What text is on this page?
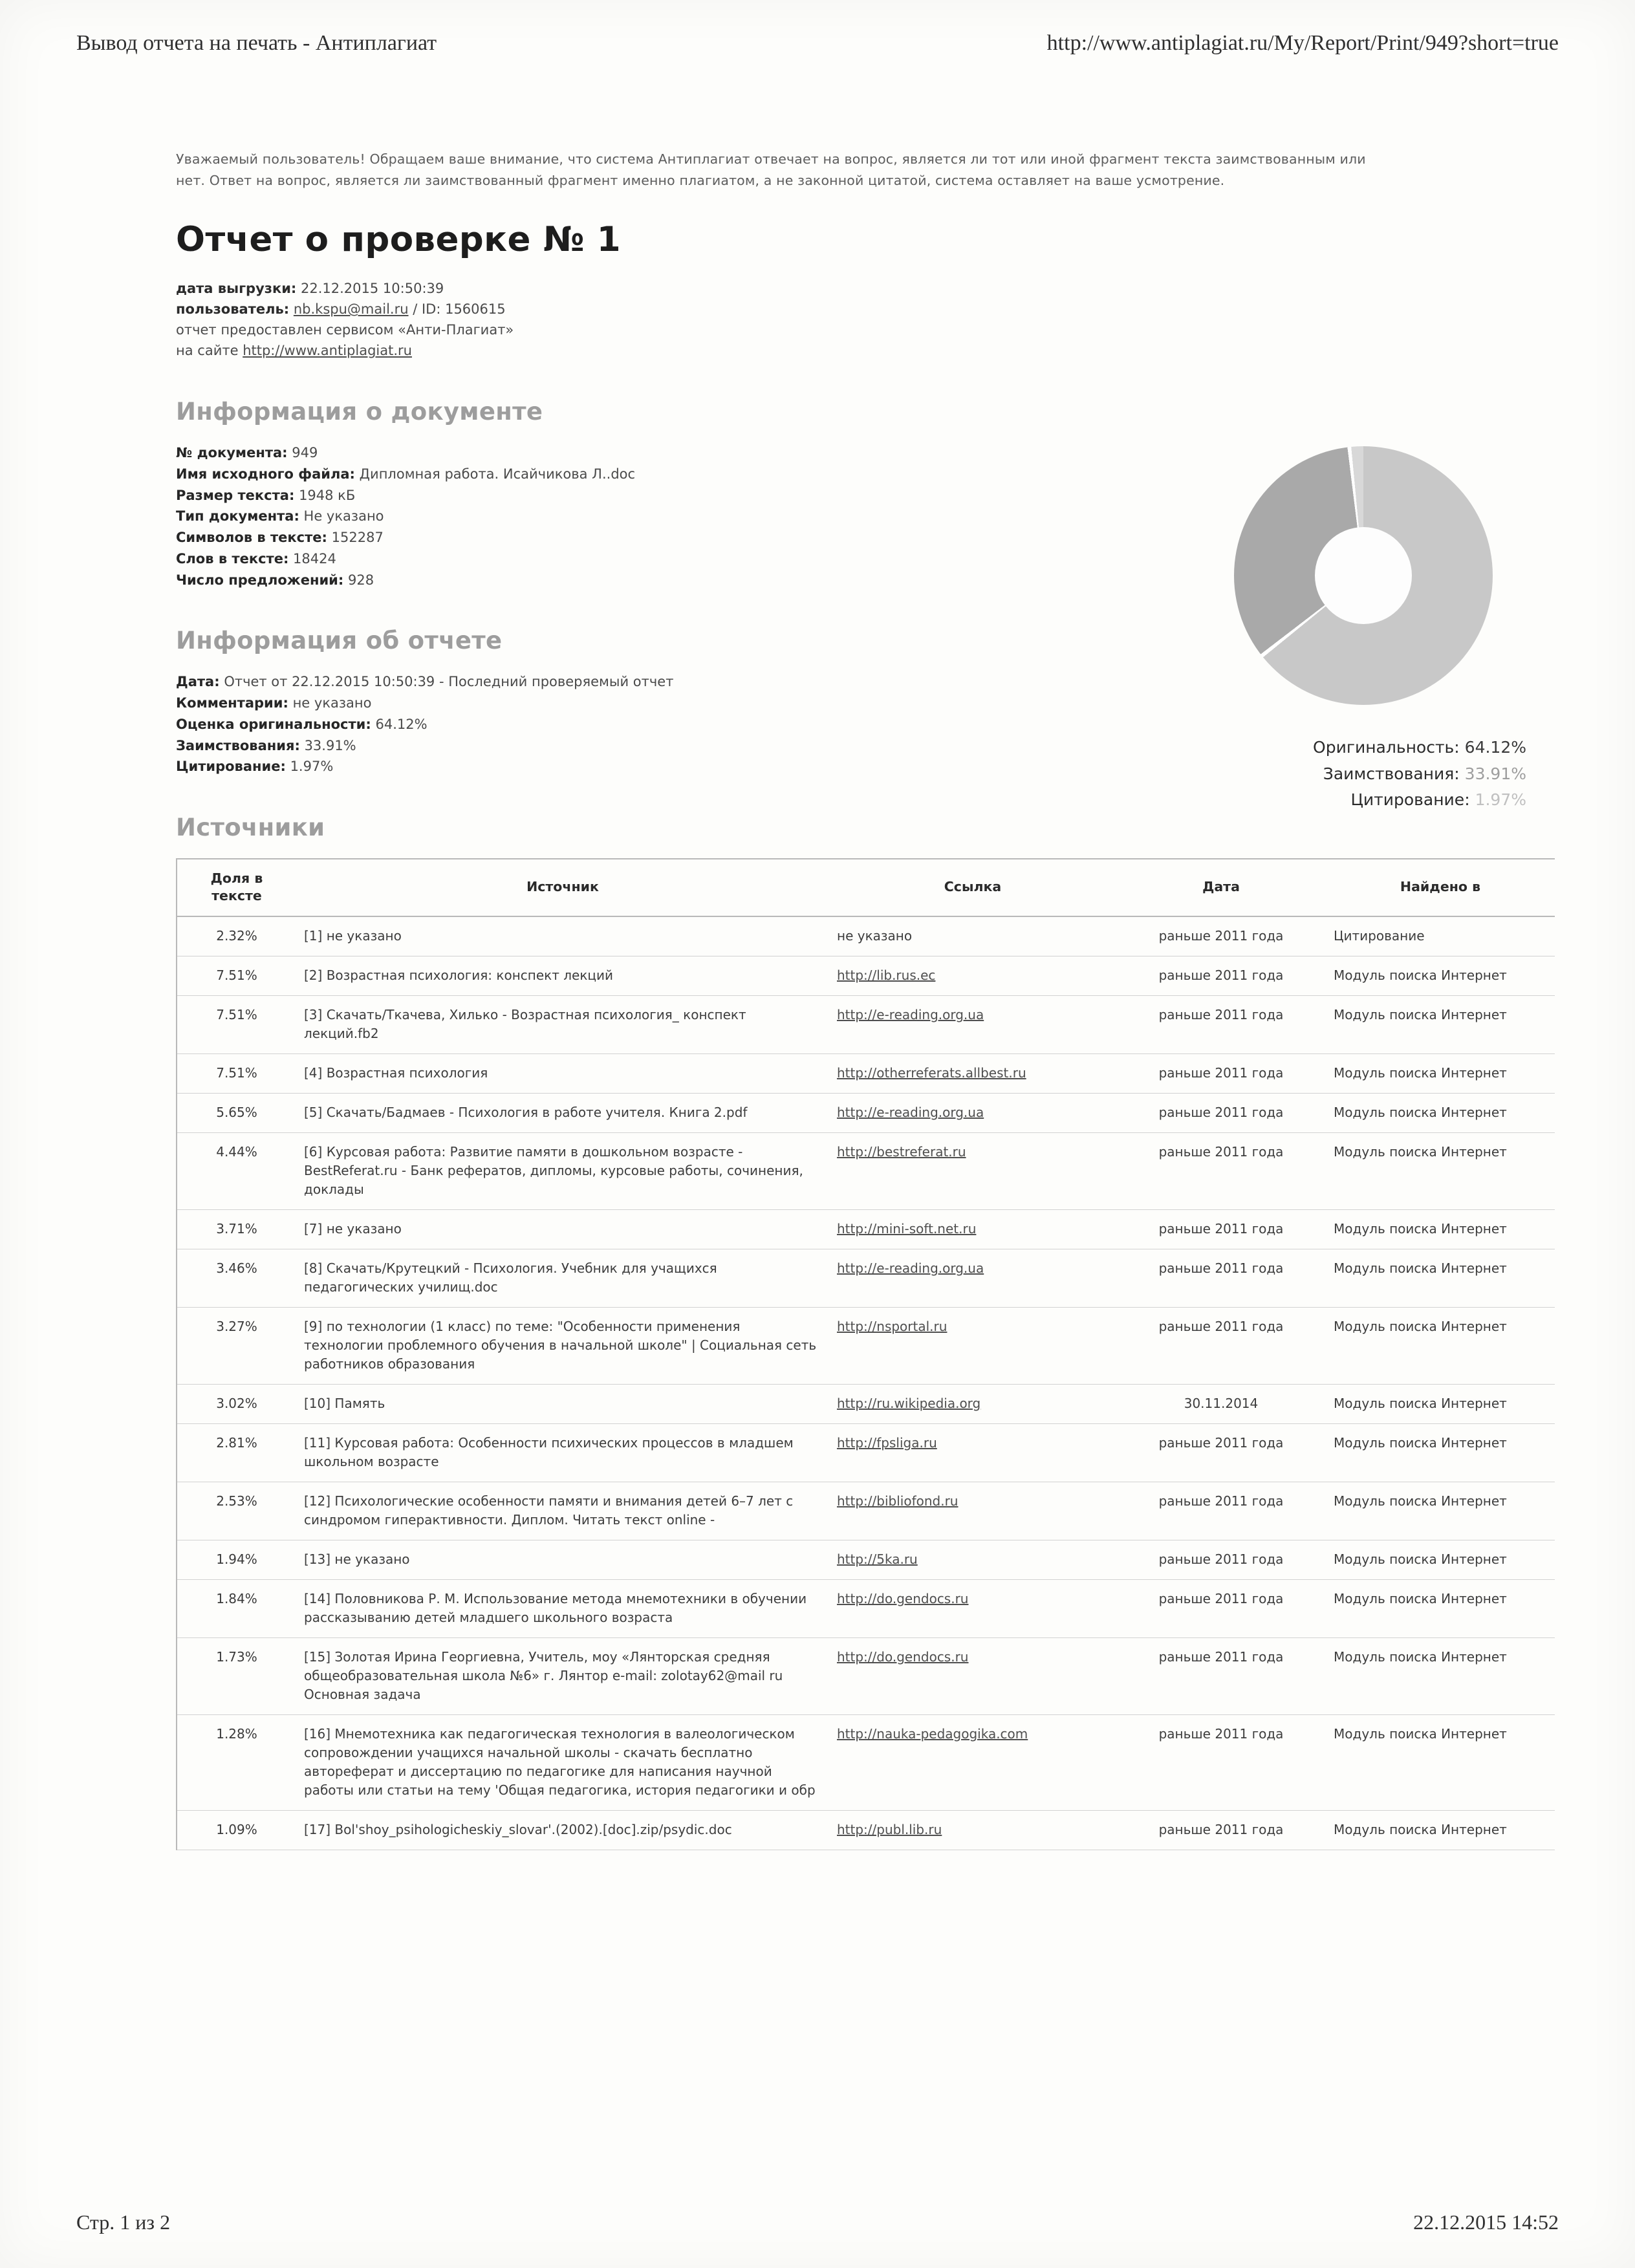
Вывод отчета на печать - Антиплагиат	http://www.antiplagiat.ru/My/Report/Print/949?short=true
Уважаемый пользователь! Обращаем ваше внимание, что система Антиплагиат отвечает на вопрос, является ли тот или иной фрагмент текста заимствованным или нет. Ответ на вопрос, является ли заимствованный фрагмент именно плагиатом, а не законной цитатой, система оставляет на ваше усмотрение.
Отчет о проверке № 1
дата выгрузки: 22.12.2015 10:50:39
пользователь: nb.kspu@mail.ru / ID: 1560615
отчет предоставлен сервисом «Анти-Плагиат»
на сайте http://www.antiplagiat.ru
Информация о документе
№ документа: 949
Имя исходного файла: Дипломная работа. Исайчикова Л..doc
Размер текста: 1948 кБ
Тип документа: Не указано
Символов в тексте: 152287
Слов в тексте: 18424
Число предложений: 928
Информация об отчете
Дата: Отчет от 22.12.2015 10:50:39 - Последний проверяемый отчет
Комментарии: не указано
Оценка оригинальности: 64.12%
Заимствования: 33.91%
Цитирование: 1.97%
Источники
Доля в тексте	Источник	Ссылка	Дата	Найдено в
2.32%	[1] не указано	не указано	раньше 2011 года	Цитирование
7.51%	[2] Возрастная психология: конспект лекций	http://lib.rus.ec	раньше 2011 года	Модуль поиска Интернет
7.51%	[3] Скачать/Ткачева, Хилько - Возрастная психология_ конспект лекций.fb2	http://e-reading.org.ua	раньше 2011 года	Модуль поиска Интернет
7.51%	[4] Возрастная психология	http://otherreferats.allbest.ru	раньше 2011 года	Модуль поиска Интернет
5.65%	[5] Скачать/Бадмаев - Психология в работе учителя. Книга 2.pdf	http://e-reading.org.ua	раньше 2011 года	Модуль поиска Интернет
4.44%	[6] Курсовая работа: Развитие памяти в дошкольном возрасте - BestReferat.ru - Банк рефератов, дипломы, курсовые работы, сочинения, доклады	http://bestreferat.ru	раньше 2011 года	Модуль поиска Интернет
3.71%	[7] не указано	http://mini-soft.net.ru	раньше 2011 года	Модуль поиска Интернет
3.46%	[8] Скачать/Крутецкий - Психология. Учебник для учащихся педагогических училищ.doc	http://e-reading.org.ua	раньше 2011 года	Модуль поиска Интернет
3.27%	[9] по технологии (1 класс) по теме: "Особенности применения технологии проблемного обучения в начальной школе" | Социальная сеть работников образования	http://nsportal.ru	раньше 2011 года	Модуль поиска Интернет
3.02%	[10] Память	http://ru.wikipedia.org	30.11.2014	Модуль поиска Интернет
2.81%	[11] Курсовая работа: Особенности психических процессов в младшем школьном возрасте	http://fpsliga.ru	раньше 2011 года	Модуль поиска Интернет
2.53%	[12] Психологические особенности памяти и внимания детей 6–7 лет с синдромом гиперактивности. Диплом. Читать текст online -	http://bibliofond.ru	раньше 2011 года	Модуль поиска Интернет
1.94%	[13] не указано	http://5ka.ru	раньше 2011 года	Модуль поиска Интернет
1.84%	[14] Половникова Р. М. Использование метода мнемотехники в обучении рассказыванию детей младшего школьного возраста	http://do.gendocs.ru	раньше 2011 года	Модуль поиска Интернет
1.73%	[15] Золотая Ирина Георгиевна, Учитель, моу «Лянторская средняя общеобразовательная школа №6» г. Лянтор e-mail: zolotay62@mail ru Основная задача	http://do.gendocs.ru	раньше 2011 года	Модуль поиска Интернет
1.28%	[16] Мнемотехника как педагогическая технология в валеологическом сопровождении учащихся начальной школы - скачать бесплатно автореферат и диссертацию по педагогике для написания научной работы или статьи на тему 'Общая педагогика, история педагогики и обр	http://nauka-pedagogika.com	раньше 2011 года	Модуль поиска Интернет
1.09%	[17] Bol'shoy_psihologicheskiy_slovar'.(2002).[doc].zip/psydic.doc	http://publ.lib.ru	раньше 2011 года	Модуль поиска Интернет
Оригинальность: 64.12%
Заимствования: 33.91%
Цитирование: 1.97%
Стр. 1 из 2	22.12.2015 14:52
